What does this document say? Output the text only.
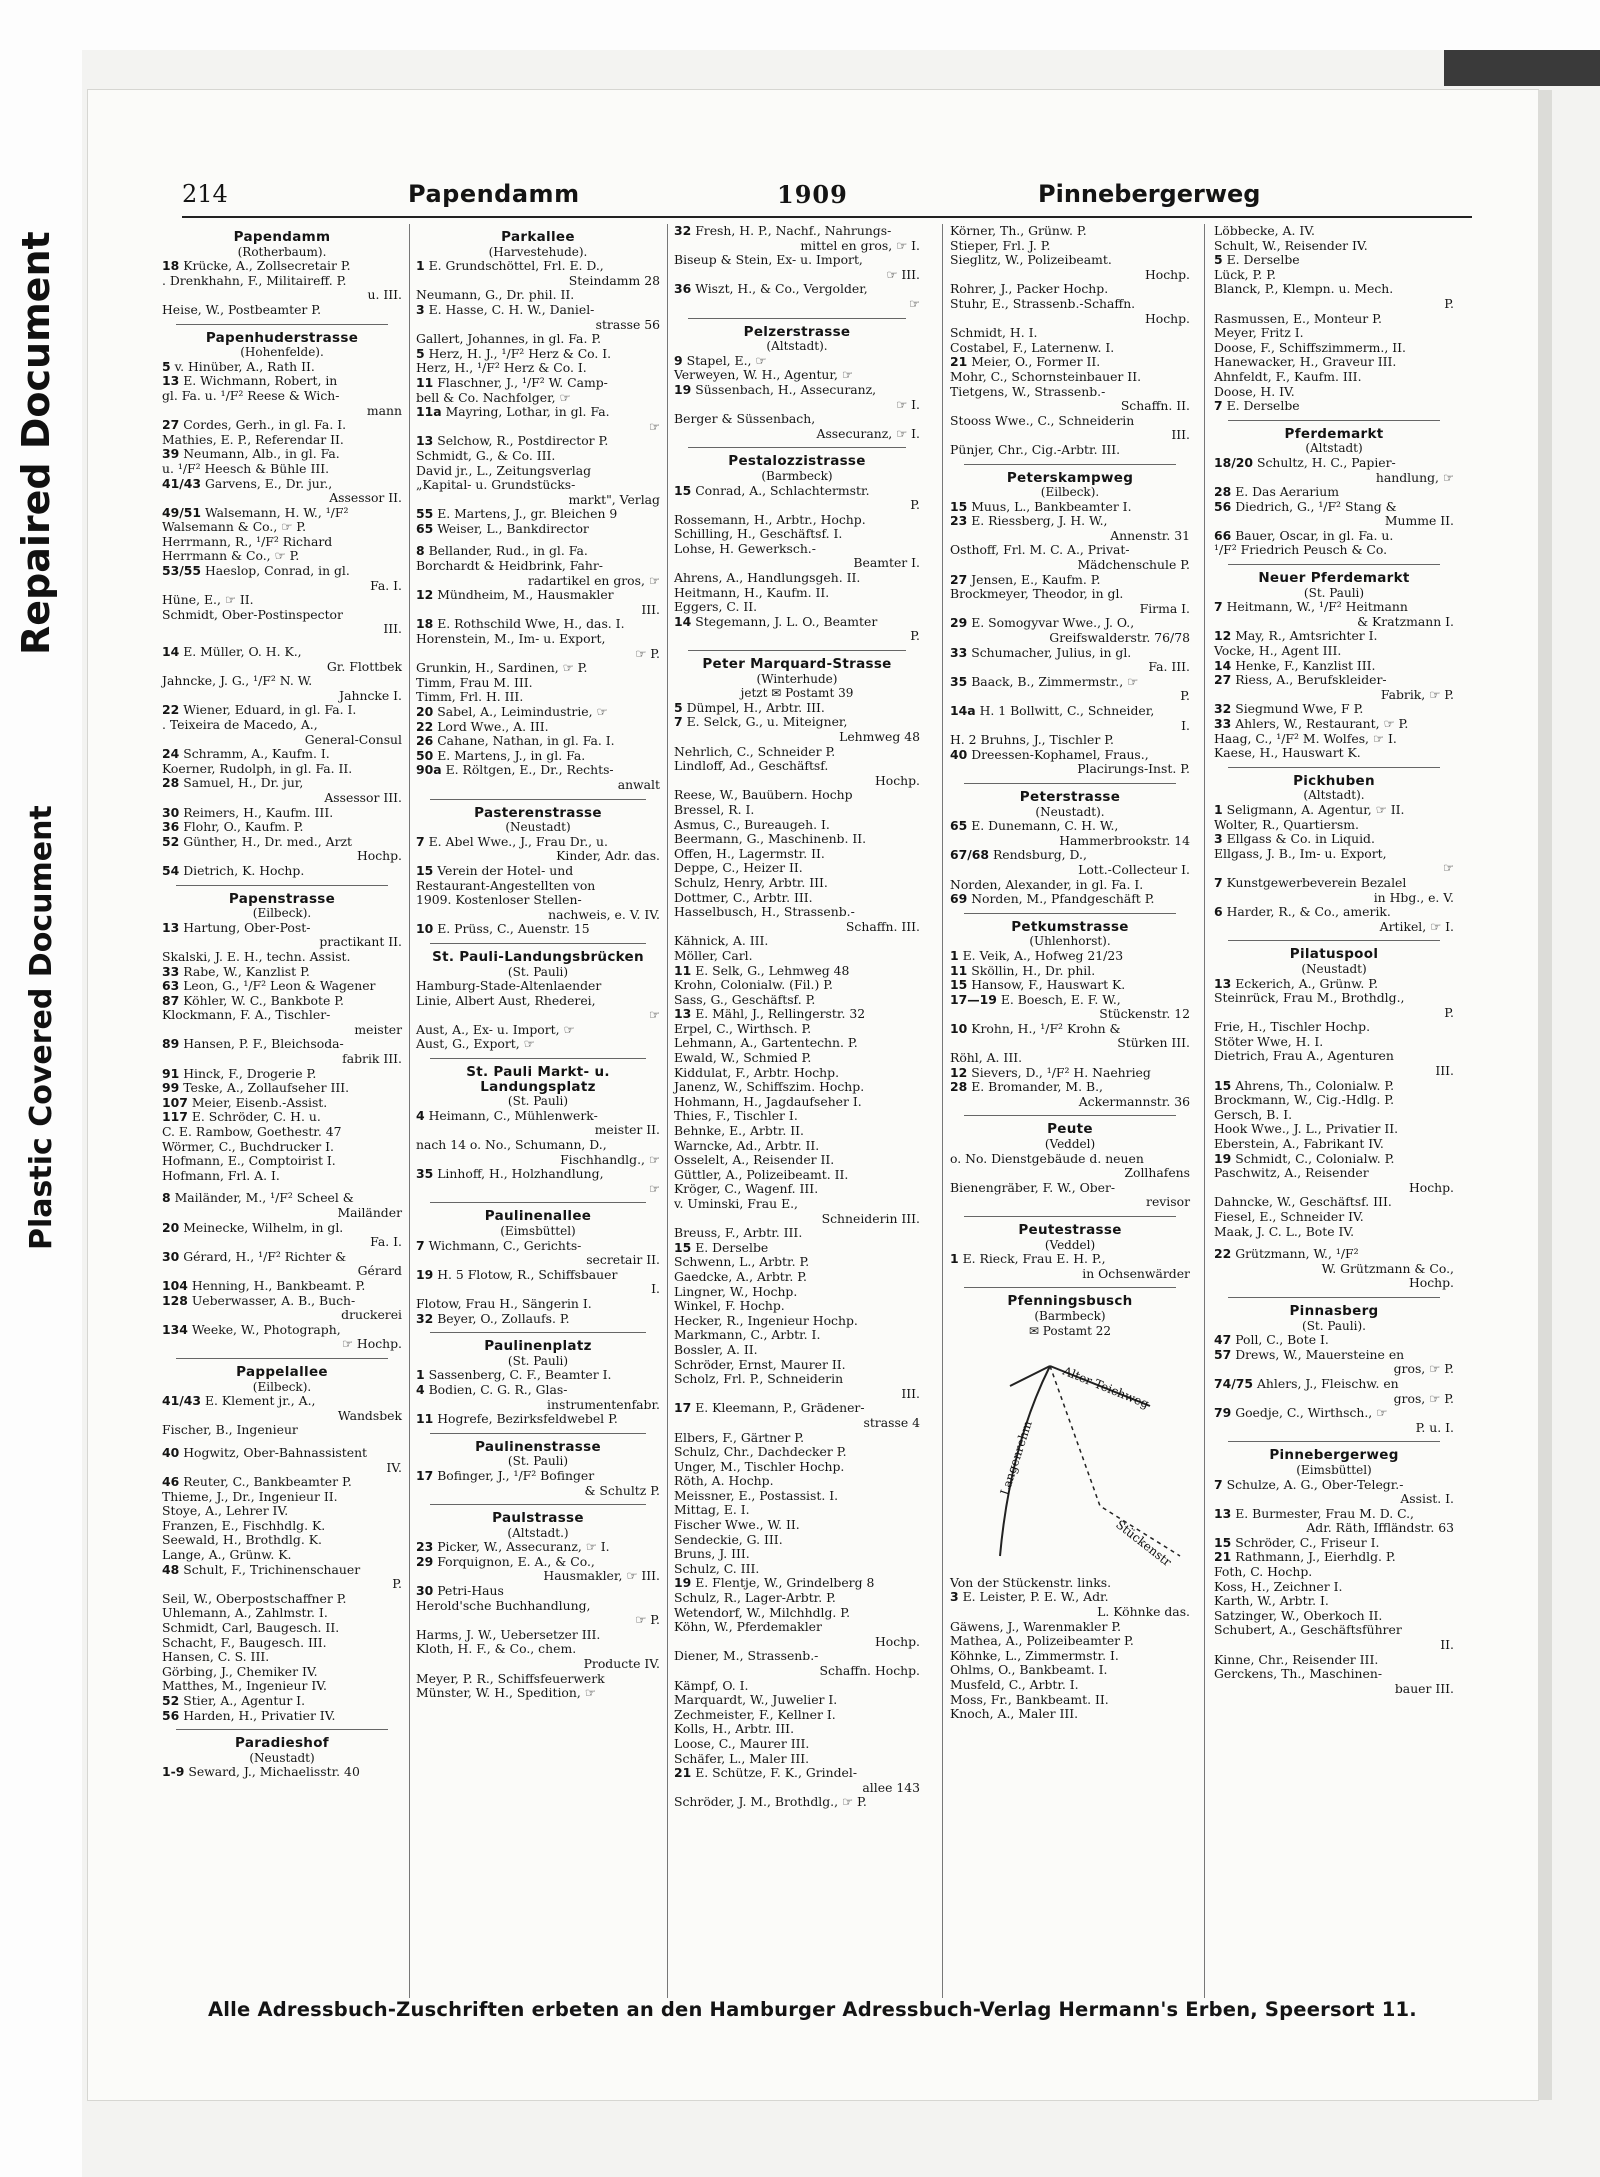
Repaired Document
Plastic Covered Document
214	Papendamm	1909	Pinnebergerweg
Papendamm
(Rotherbaum).
18 Krücke, A., Zollsecretair P.
. Drenkhahn, F., Militaireff. P.
u. III.
Heise, W., Postbeamter P.
Papenhuderstrasse
(Hohenfelde).
5 v. Hinüber, A., Rath II.
13 E. Wichmann, Robert, in
gl. Fa. u. ¹/F² Reese & Wich-
mann
27 Cordes, Gerh., in gl. Fa. I.
Mathies, E. P., Referendar II.
39 Neumann, Alb., in gl. Fa.
u. ¹/F² Heesch & Bühle III.
41/43 Garvens, E., Dr. jur.,
Assessor II.
49/51 Walsemann, H. W., ¹/F²
Walsemann & Co., ☞ P.
Herrmann, R., ¹/F² Richard
Herrmann & Co., ☞ P.
53/55 Haeslop, Conrad, in gl.
Fa. I.
Hüne, E., ☞ II.
Schmidt, Ober-Postinspector
III.
14 E. Müller, O. H. K.,
Gr. Flottbek
Jahncke, J. G., ¹/F² N. W.
Jahncke I.
22 Wiener, Eduard, in gl. Fa. I.
. Teixeira de Macedo, A.,
General-Consul
24 Schramm, A., Kaufm. I.
Koerner, Rudolph, in gl. Fa. II.
28 Samuel, H., Dr. jur,
Assessor III.
30 Reimers, H., Kaufm. III.
36 Flohr, O., Kaufm. P.
52 Günther, H., Dr. med., Arzt
Hochp.
54 Dietrich, K. Hochp.
Papenstrasse
(Eilbeck).
13 Hartung, Ober-Post-
practikant II.
Skalski, J. E. H., techn. Assist.
33 Rabe, W., Kanzlist P.
63 Leon, G., ¹/F² Leon & Wagener
87 Köhler, W. C., Bankbote P.
Klockmann, F. A., Tischler-
meister
89 Hansen, P. F., Bleichsoda-
fabrik III.
91 Hinck, F., Drogerie P.
99 Teske, A., Zollaufseher III.
107 Meier, Eisenb.-Assist.
117 E. Schröder, C. H. u.
C. E. Rambow, Goethestr. 47
Wörmer, C., Buchdrucker I.
Hofmann, E., Comptoirist I.
Hofmann, Frl. A. I.
8 Mailänder, M., ¹/F² Scheel &
Mailänder
20 Meinecke, Wilhelm, in gl.
Fa. I.
30 Gérard, H., ¹/F² Richter &
Gérard
104 Henning, H., Bankbeamt. P.
128 Ueberwasser, A. B., Buch-
druckerei
134 Weeke, W., Photograph,
☞ Hochp.
Pappelallee
(Eilbeck).
41/43 E. Klement jr., A.,
Wandsbek
Fischer, B., Ingenieur
40 Hogwitz, Ober-Bahnassistent
IV.
46 Reuter, C., Bankbeamter P.
Thieme, J., Dr., Ingenieur II.
Stoye, A., Lehrer IV.
Franzen, E., Fischhdlg. K.
Seewald, H., Brothdlg. K.
Lange, A., Grünw. K.
48 Schult, F., Trichinenschauer
P.
Seil, W., Oberpostschaffner P.
Uhlemann, A., Zahlmstr. I.
Schmidt, Carl, Baugesch. II.
Schacht, F., Baugesch. III.
Hansen, C. S. III.
Görbing, J., Chemiker IV.
Matthes, M., Ingenieur IV.
52 Stier, A., Agentur I.
56 Harden, H., Privatier IV.
Paradieshof
(Neustadt)
1-9 Seward, J., Michaelisstr. 40
Parkallee
(Harvestehude).
1 E. Grundschöttel, Frl. E. D.,
Steindamm 28
Neumann, G., Dr. phil. II.
3 E. Hasse, C. H. W., Daniel-
strasse 56
Gallert, Johannes, in gl. Fa. P.
5 Herz, H. J., ¹/F² Herz & Co. I.
Herz, H., ¹/F² Herz & Co. I.
11 Flaschner, J., ¹/F² W. Camp-
bell & Co. Nachfolger, ☞
11a Mayring, Lothar, in gl. Fa.
☞
13 Selchow, R., Postdirector P.
Schmidt, G., & Co. III.
David jr., L., Zeitungsverlag
„Kapital- u. Grundstücks-
markt", Verlag
55 E. Martens, J., gr. Bleichen 9
65 Weiser, L., Bankdirector
8 Bellander, Rud., in gl. Fa.
Borchardt & Heidbrink, Fahr-
radartikel en gros, ☞
12 Mündheim, M., Hausmakler
III.
18 E. Rothschild Wwe, H., das. I.
Horenstein, M., Im- u. Export,
☞ P.
Grunkin, H., Sardinen, ☞ P.
Timm, Frau M. III.
Timm, Frl. H. III.
20 Sabel, A., Leimindustrie, ☞
22 Lord Wwe., A. III.
26 Cahane, Nathan, in gl. Fa. I.
50 E. Martens, J., in gl. Fa.
90a E. Röltgen, E., Dr., Rechts-
anwalt
Pasterenstrasse
(Neustadt)
7 E. Abel Wwe., J., Frau Dr., u.
Kinder, Adr. das.
15 Verein der Hotel- und
Restaurant-Angestellten von
1909. Kostenloser Stellen-
nachweis, e. V. IV.
10 E. Prüss, C., Auenstr. 15
St. Pauli-Landungsbrücken
(St. Pauli)
Hamburg-Stade-Altenlaender
Linie, Albert Aust, Rhederei,
☞
Aust, A., Ex- u. Import, ☞
Aust, G., Export, ☞
St. Pauli Markt- u. Landungsplatz
(St. Pauli)
4 Heimann, C., Mühlenwerk-
meister II.
nach 14 o. No., Schumann, D.,
Fischhandlg., ☞
35 Linhoff, H., Holzhandlung,
☞
Paulinenallee
(Eimsbüttel)
7 Wichmann, C., Gerichts-
secretair II.
19 H. 5 Flotow, R., Schiffsbauer
I.
Flotow, Frau H., Sängerin I.
32 Beyer, O., Zollaufs. P.
Paulinenplatz
(St. Pauli)
1 Sassenberg, C. F., Beamter I.
4 Bodien, C. G. R., Glas-
instrumentenfabr.
11 Hogrefe, Bezirksfeldwebel P.
Paulinenstrasse
(St. Pauli)
17 Bofinger, J., ¹/F² Bofinger
& Schultz P.
Paulstrasse
(Altstadt.)
23 Picker, W., Assecuranz, ☞ I.
29 Forquignon, E. A., & Co.,
Hausmakler, ☞ III.
30 Petri-Haus
Herold'sche Buchhandlung,
☞ P.
Harms, J. W., Uebersetzer III.
Kloth, H. F., & Co., chem.
Producte IV.
Meyer, P. R., Schiffsfeuerwerk
Münster, W. H., Spedition, ☞
32 Fresh, H. P., Nachf., Nahrungs-
mittel en gros, ☞ I.
Biseup & Stein, Ex- u. Import,
☞ III.
36 Wiszt, H., & Co., Vergolder,
☞
Pelzerstrasse
(Altstadt).
9 Stapel, E., ☞
Verweyen, W. H., Agentur, ☞
19 Süssenbach, H., Assecuranz,
☞ I.
Berger & Süssenbach,
Assecuranz, ☞ I.
Pestalozzistrasse
(Barmbeck)
15 Conrad, A., Schlachtermstr.
P.
Rossemann, H., Arbtr., Hochp.
Schilling, H., Geschäftsf. I.
Lohse, H. Gewerksch.-
Beamter I.
Ahrens, A., Handlungsgeh. II.
Heitmann, H., Kaufm. II.
Eggers, C. II.
14 Stegemann, J. L. O., Beamter
P.
Peter Marquard-Strasse
(Winterhude)
jetzt ✉ Postamt 39
5 Dümpel, H., Arbtr. III.
7 E. Selck, G., u. Miteigner,
Lehmweg 48
Nehrlich, C., Schneider P.
Lindloff, Ad., Geschäftsf.
Hochp.
Reese, W., Bauübern. Hochp
Bressel, R. I.
Asmus, C., Bureaugeh. I.
Beermann, G., Maschinenb. II.
Offen, H., Lagermstr. II.
Deppe, C., Heizer II.
Schulz, Henry, Arbtr. III.
Dottmer, C., Arbtr. III.
Hasselbusch, H., Strassenb.-
Schaffn. III.
Kähnick, A. III.
Möller, Carl.
11 E. Selk, G., Lehmweg 48
Krohn, Colonialw. (Fil.) P.
Sass, G., Geschäftsf. P.
13 E. Mähl, J., Rellingerstr. 32
Erpel, C., Wirthsch. P.
Lehmann, A., Gartentechn. P.
Ewald, W., Schmied P.
Kiddulat, F., Arbtr. Hochp.
Janenz, W., Schiffszim. Hochp.
Hohmann, H., Jagdaufseher I.
Thies, F., Tischler I.
Behnke, E., Arbtr. II.
Warncke, Ad., Arbtr. II.
Osselelt, A., Reisender II.
Güttler, A., Polizeibeamt. II.
Kröger, C., Wagenf. III.
v. Uminski, Frau E.,
Schneiderin III.
Breuss, F., Arbtr. III.
15 E. Derselbe
Schwenn, L., Arbtr. P.
Gaedcke, A., Arbtr. P.
Lingner, W., Hochp.
Winkel, F. Hochp.
Hecker, R., Ingenieur Hochp.
Markmann, C., Arbtr. I.
Bossler, A. II.
Schröder, Ernst, Maurer II.
Scholz, Frl. P., Schneiderin
III.
17 E. Kleemann, P., Grädener-
strasse 4
Elbers, F., Gärtner P.
Schulz, Chr., Dachdecker P.
Unger, M., Tischler Hochp.
Röth, A. Hochp.
Meissner, E., Postassist. I.
Mittag, E. I.
Fischer Wwe., W. II.
Sendeckie, G. III.
Bruns, J. III.
Schulz, C. III.
19 E. Flentje, W., Grindelberg 8
Schulz, R., Lager-Arbtr. P.
Wetendorf, W., Milchhdlg. P.
Köhn, W., Pferdemakler
Hochp.
Diener, M., Strassenb.-
Schaffn. Hochp.
Kämpf, O. I.
Marquardt, W., Juwelier I.
Zechmeister, F., Kellner I.
Kolls, H., Arbtr. III.
Loose, C., Maurer III.
Schäfer, L., Maler III.
21 E. Schütze, F. K., Grindel-
allee 143
Schröder, J. M., Brothdlg., ☞ P.
Körner, Th., Grünw. P.
Stieper, Frl. J. P.
Sieglitz, W., Polizeibeamt.
Hochp.
Rohrer, J., Packer Hochp.
Stuhr, E., Strassenb.-Schaffn.
Hochp.
Schmidt, H. I.
Costabel, F., Laternenw. I.
21 Meier, O., Former II.
Mohr, C., Schornsteinbauer II.
Tietgens, W., Strassenb.-
Schaffn. II.
Stooss Wwe., C., Schneiderin
III.
Pünjer, Chr., Cig.-Arbtr. III.
Peterskampweg
(Eilbeck).
15 Muus, L., Bankbeamter I.
23 E. Riessberg, J. H. W.,
Annenstr. 31
Osthoff, Frl. M. C. A., Privat-
Mädchenschule P.
27 Jensen, E., Kaufm. P.
Brockmeyer, Theodor, in gl.
Firma I.
29 E. Somogyvar Wwe., J. O.,
Greifswalderstr. 76/78
33 Schumacher, Julius, in gl.
Fa. III.
35 Baack, B., Zimmermstr., ☞
P.
14a H. 1 Bollwitt, C., Schneider,
I.
H. 2 Bruhns, J., Tischler P.
40 Dreessen-Kophamel, Fraus.,
Placirungs-Inst. P.
Peterstrasse
(Neustadt).
65 E. Dunemann, C. H. W.,
Hammerbrookstr. 14
67/68 Rendsburg, D.,
Lott.-Collecteur I.
Norden, Alexander, in gl. Fa. I.
69 Norden, M., Pfandgeschäft P.
Petkumstrasse
(Uhlenhorst).
1 E. Veik, A., Hofweg 21/23
11 Sköllin, H., Dr. phil.
15 Hansow, F., Hauswart K.
17—19 E. Boesch, E. F. W.,
Stückenstr. 12
10 Krohn, H., ¹/F² Krohn &
Stürken III.
Röhl, A. III.
12 Sievers, D., ¹/F² H. Naehrieg
28 E. Bromander, M. B.,
Ackermannstr. 36
Peute
(Veddel)
o. No. Dienstgebäude d. neuen
Zollhafens
Bienengräber, F. W., Ober-
revisor
Peutestrasse
(Veddel)
1 E. Rieck, Frau E. H. P.,
in Ochsenwärder
Pfenningsbusch
(Barmbeck)
✉ Postamt 22
Alter Teichweg
Langenrehm
Stückenstr.
Von der Stückenstr. links.
3 E. Leister, P. E. W., Adr.
L. Köhnke das.
Gäwens, J., Warenmakler P.
Mathea, A., Polizeibeamter P.
Köhnke, L., Zimmermstr. I.
Ohlms, O., Bankbeamt. I.
Musfeld, C., Arbtr. I.
Moss, Fr., Bankbeamt. II.
Knoch, A., Maler III.
Löbbecke, A. IV.
Schult, W., Reisender IV.
5 E. Derselbe
Lück, P. P.
Blanck, P., Klempn. u. Mech.
P.
Rasmussen, E., Monteur P.
Meyer, Fritz I.
Doose, F., Schiffszimmerm., II.
Hanewacker, H., Graveur III.
Ahnfeldt, F., Kaufm. III.
Doose, H. IV.
7 E. Derselbe
Pferdemarkt
(Altstadt)
18/20 Schultz, H. C., Papier-
handlung, ☞
28 E. Das Aerarium
56 Diedrich, G., ¹/F² Stang &
Mumme II.
66 Bauer, Oscar, in gl. Fa. u.
¹/F² Friedrich Peusch & Co.
Neuer Pferdemarkt
(St. Pauli)
7 Heitmann, W., ¹/F² Heitmann
& Kratzmann I.
12 May, R., Amtsrichter I.
Vocke, H., Agent III.
14 Henke, F., Kanzlist III.
27 Riess, A., Berufskleider-
Fabrik, ☞ P.
32 Siegmund Wwe, F P.
33 Ahlers, W., Restaurant, ☞ P.
Haag, C., ¹/F² M. Wolfes, ☞ I.
Kaese, H., Hauswart K.
Pickhuben
(Altstadt).
1 Seligmann, A. Agentur, ☞ II.
Wolter, R., Quartiersm.
3 Ellgass & Co. in Liquid.
Ellgass, J. B., Im- u. Export,
☞
7 Kunstgewerbeverein Bezalel
in Hbg., e. V.
6 Harder, R., & Co., amerik.
Artikel, ☞ I.
Pilatuspool
(Neustadt)
13 Eckerich, A., Grünw. P.
Steinrück, Frau M., Brothdlg.,
P.
Frie, H., Tischler Hochp.
Stöter Wwe, H. I.
Dietrich, Frau A., Agenturen
III.
15 Ahrens, Th., Colonialw. P.
Brockmann, W., Cig.-Hdlg. P.
Gersch, B. I.
Hook Wwe., J. L., Privatier II.
Eberstein, A., Fabrikant IV.
19 Schmidt, C., Colonialw. P.
Paschwitz, A., Reisender
Hochp.
Dahncke, W., Geschäftsf. III.
Fiesel, E., Schneider IV.
Maak, J. C. L., Bote IV.
22 Grützmann, W., ¹/F²
W. Grützmann & Co.,
Hochp.
Pinnasberg
(St. Pauli).
47 Poll, C., Bote I.
57 Drews, W., Mauersteine en
gros, ☞ P.
74/75 Ahlers, J., Fleischw. en
gros, ☞ P.
79 Goedje, C., Wirthsch., ☞
P. u. I.
Pinnebergerweg
(Eimsbüttel)
7 Schulze, A. G., Ober-Telegr.-
Assist. I.
13 E. Burmester, Frau M. D. C.,
Adr. Räth, Iffländstr. 63
15 Schröder, C., Friseur I.
21 Rathmann, J., Eierhdlg. P.
Foth, C. Hochp.
Koss, H., Zeichner I.
Karth, W., Arbtr. I.
Satzinger, W., Oberkoch II.
Schubert, A., Geschäftsführer
II.
Kinne, Chr., Reisender III.
Gerckens, Th., Maschinen-
bauer III.
Alle Adressbuch-Zuschriften erbeten an den Hamburger Adressbuch-Verlag Hermann's Erben, Speersort 11.
